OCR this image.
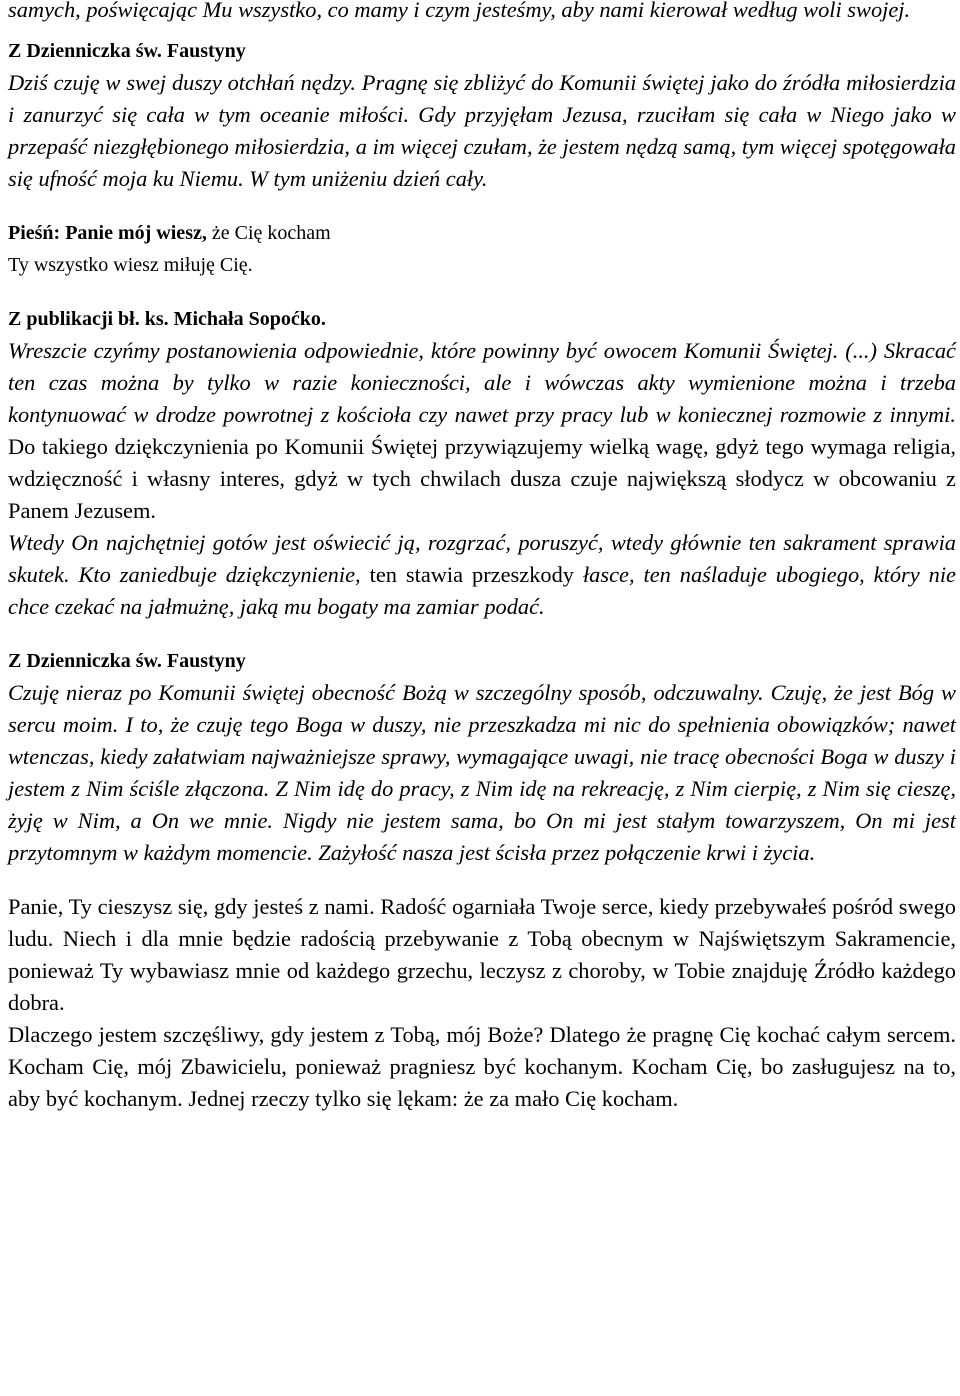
samych, poświęcając Mu wszystko, co mamy i czym jesteśmy, aby nami kierował według woli swojej.

Z Dzienniczka św. Faustyny

Dziś czuję w swej duszy otchłań nędzy. Pragnę się zbliżyć do Komunii świętej jako do źródła miłosierdzia i zanurzyć się cała w tym oceanie miłości. Gdy przyjęłam Jezusa, rzuciłam się cała w Niego jako w przepaść niezgłębionego miłosierdzia, a im więcej czułam, że jestem nędzą samą, tym więcej spotęgowała się ufność moja ku Niemu. W tym uniżeniu dzień cały.

Pieśń: Panie mój wiesz, że Cię kocham

Ty wszystko wiesz miłuję Cię.

Z publikacji bł. ks. Michała Sopoćko.

Wreszcie czyńmy postanowienia odpowiednie, które powinny być owocem Komunii Świętej. (...) Skracać ten czas można by tylko w razie konieczności, ale i wówczas akty wymienione można i trzeba kontynuować w drodze powrotnej z kościoła czy nawet przy pracy lub w koniecznej rozmowie z innymi. Do takiego dziękczynienia po Komunii Świętej przywiązujemy wielką wagę, gdyż tego wymaga religia, wdzięczność i własny interes, gdyż w tych chwilach dusza czuje największą słodycz w obcowaniu z Panem Jezusem.

Wtedy On najchętniej gotów jest oświecić ją, rozgrzać, poruszyć, wtedy głównie ten sakrament sprawia skutek. Kto zaniedbuje dziękczynienie, ten stawia przeszkody łasce, ten naśladuje ubogiego, który nie chce czekać na jałmużnę, jaką mu bogaty ma zamiar podać.

Z Dzienniczka św. Faustyny

Czuję nieraz po Komunii świętej obecność Bożą w szczególny sposób, odczuwalny. Czuję, że jest Bóg w sercu moim. I to, że czuję tego Boga w duszy, nie przeszkadza mi nic do spełnienia obowiązków; nawet wtenczas, kiedy załatwiam najważniejsze sprawy, wymagające uwagi, nie tracę obecności Boga w duszy i jestem z Nim ściśle złączona. Z Nim idę do pracy, z Nim idę na rekreację, z Nim cierpię, z Nim się cieszę, żyję w Nim, a On we mnie. Nigdy nie jestem sama, bo On mi jest stałym towarzyszem, On mi jest przytomnym w każdym momencie. Zażyłość nasza jest ścisła przez połączenie krwi i życia.

Panie, Ty cieszysz się, gdy jesteś z nami. Radość ogarniała Twoje serce, kiedy przebywałeś pośród swego ludu. Niech i dla mnie będzie radością przebywanie z Tobą obecnym w Najświętszym Sakramencie, ponieważ Ty wybawiasz mnie od każdego grzechu, leczysz z choroby, w Tobie znajduję Źródło każdego dobra.

Dlaczego jestem szczęśliwy, gdy jestem z Tobą, mój Boże? Dlatego że pragnę Cię kochać całym sercem. Kocham Cię, mój Zbawicielu, ponieważ pragniesz być kochanym. Kocham Cię, bo zasługujesz na to, aby być kochanym. Jednej rzeczy tylko się lękam: że za mało Cię kocham.
